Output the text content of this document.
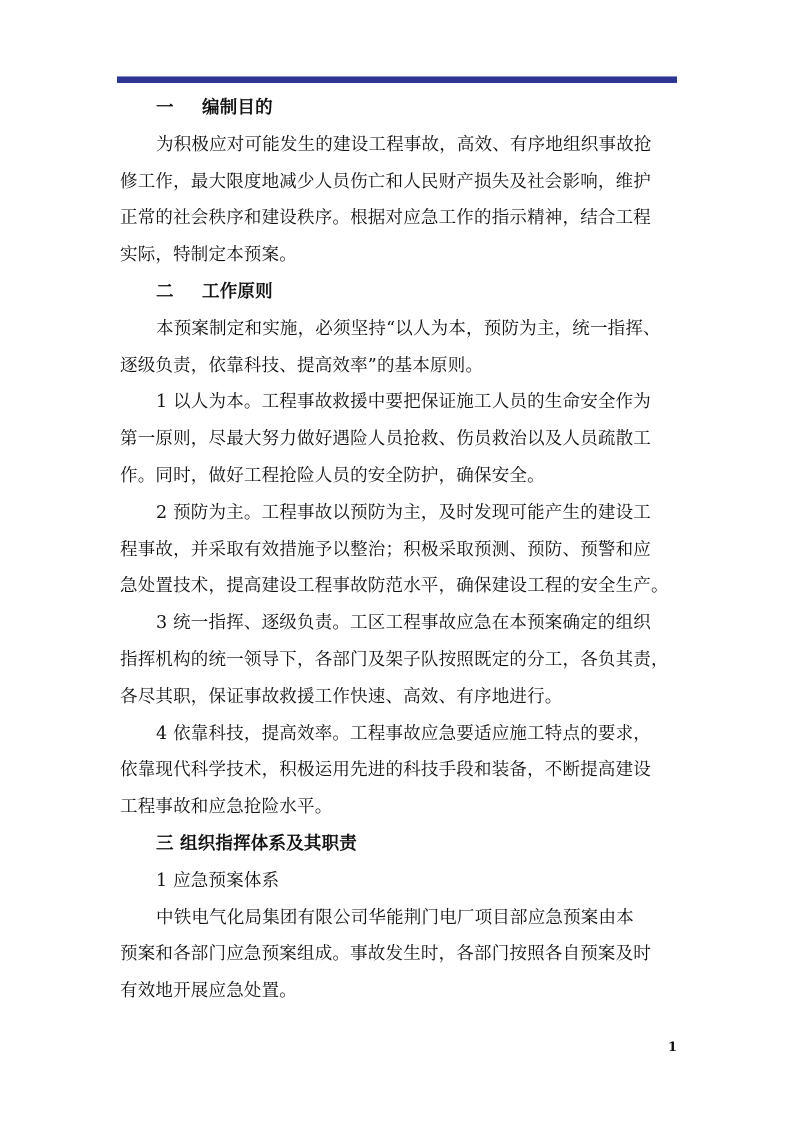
一 编制目的
为积极应对可能发生的建设工程事故，高效、有序地组织事故抢
修工作，最大限度地减少人员伤亡和人民财产损失及社会影响，维护
正常的社会秩序和建设秩序。根据对应急工作的指示精神，结合工程
实际，特制定本预案。
二 工作原则
本预案制定和实施，必须坚持“以人为本，预防为主，统一指挥、
逐级负责，依靠科技、提高效率”的基本原则。
1 以人为本。工程事故救援中要把保证施工人员的生命安全作为
第一原则，尽最大努力做好遇险人员抢救、伤员救治以及人员疏散工
作。同时，做好工程抢险人员的安全防护，确保安全。
2 预防为主。工程事故以预防为主，及时发现可能产生的建设工
程事故，并采取有效措施予以整治；积极采取预测、预防、预警和应
急处置技术，提高建设工程事故防范水平，确保建设工程的安全生产。
3 统一指挥、逐级负责。工区工程事故应急在本预案确定的组织
指挥机构的统一领导下，各部门及架子队按照既定的分工，各负其责，
各尽其职，保证事故救援工作快速、高效、有序地进行。
4 依靠科技，提高效率。工程事故应急要适应施工特点的要求，
依靠现代科学技术，积极运用先进的科技手段和装备，不断提高建设
工程事故和应急抢险水平。
三 组织指挥体系及其职责
1 应急预案体系
中铁电气化局集团有限公司华能荆门电厂项目部应急预案由本
预案和各部门应急预案组成。事故发生时，各部门按照各自预案及时
有效地开展应急处置。
1
